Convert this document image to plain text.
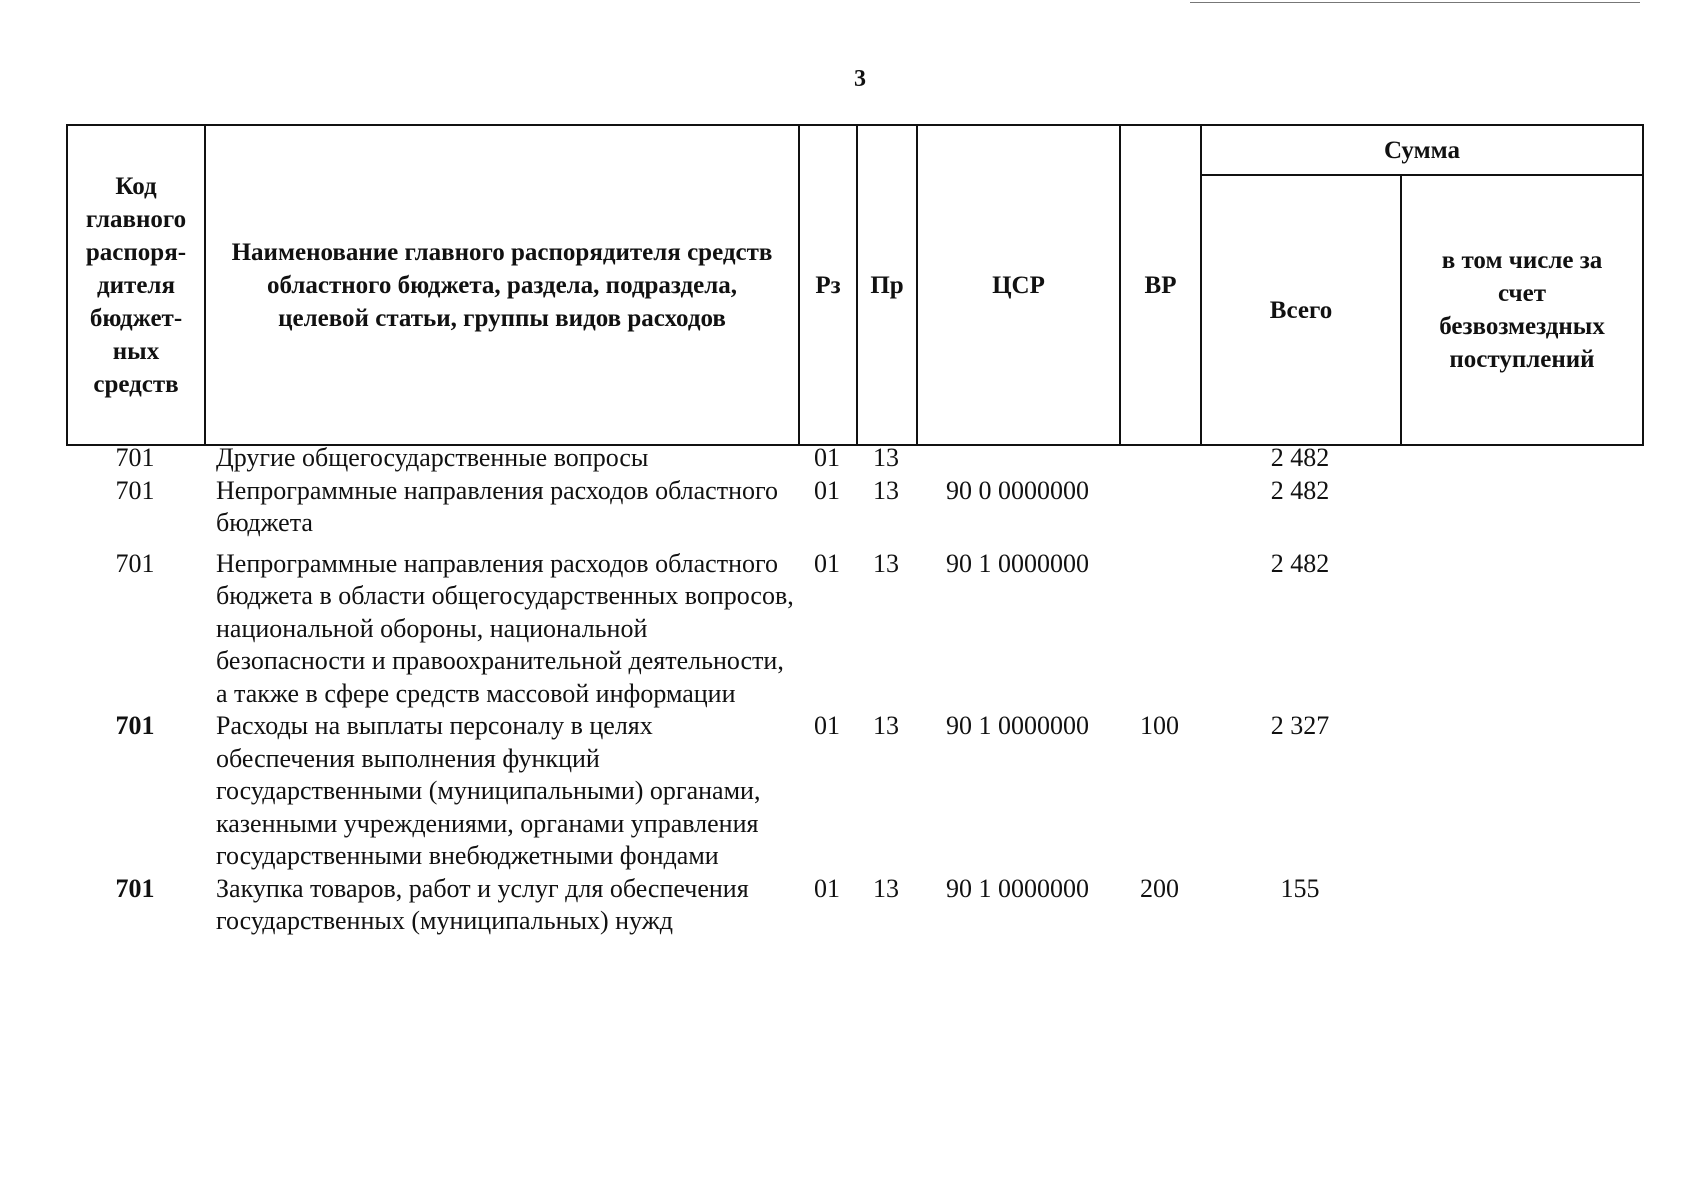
3
Код главного распоря-дителя бюджет-ных средств	Наименование главного распорядителя средств областного бюджета, раздела, подраздела, целевой статьи, группы видов расходов	Рз	Пр	ЦСР	ВР	Сумма	
						Всего	в том числе за счет безвозмездных поступлений
701	Другие общегосударственные вопросы	01	13			2 482	
701	Непрограммные направления расходов областного бюджета	01	13	90 0 0000000		2 482	
701	Непрограммные направления расходов областного бюджета в области общегосударственных вопросов, национальной обороны, национальной безопасности и правоохранительной деятельности, а также в сфере средств массовой информации	01	13	90 1 0000000		2 482	
701	Расходы на выплаты персоналу в целях обеспечения выполнения функций государственными (муниципальными) органами, казенными учреждениями, органами управления государственными внебюджетными фондами	01	13	90 1 0000000	100	2 327	
701	Закупка товаров, работ и услуг для обеспечения государственных (муниципальных) нужд	01	13	90 1 0000000	200	155	
